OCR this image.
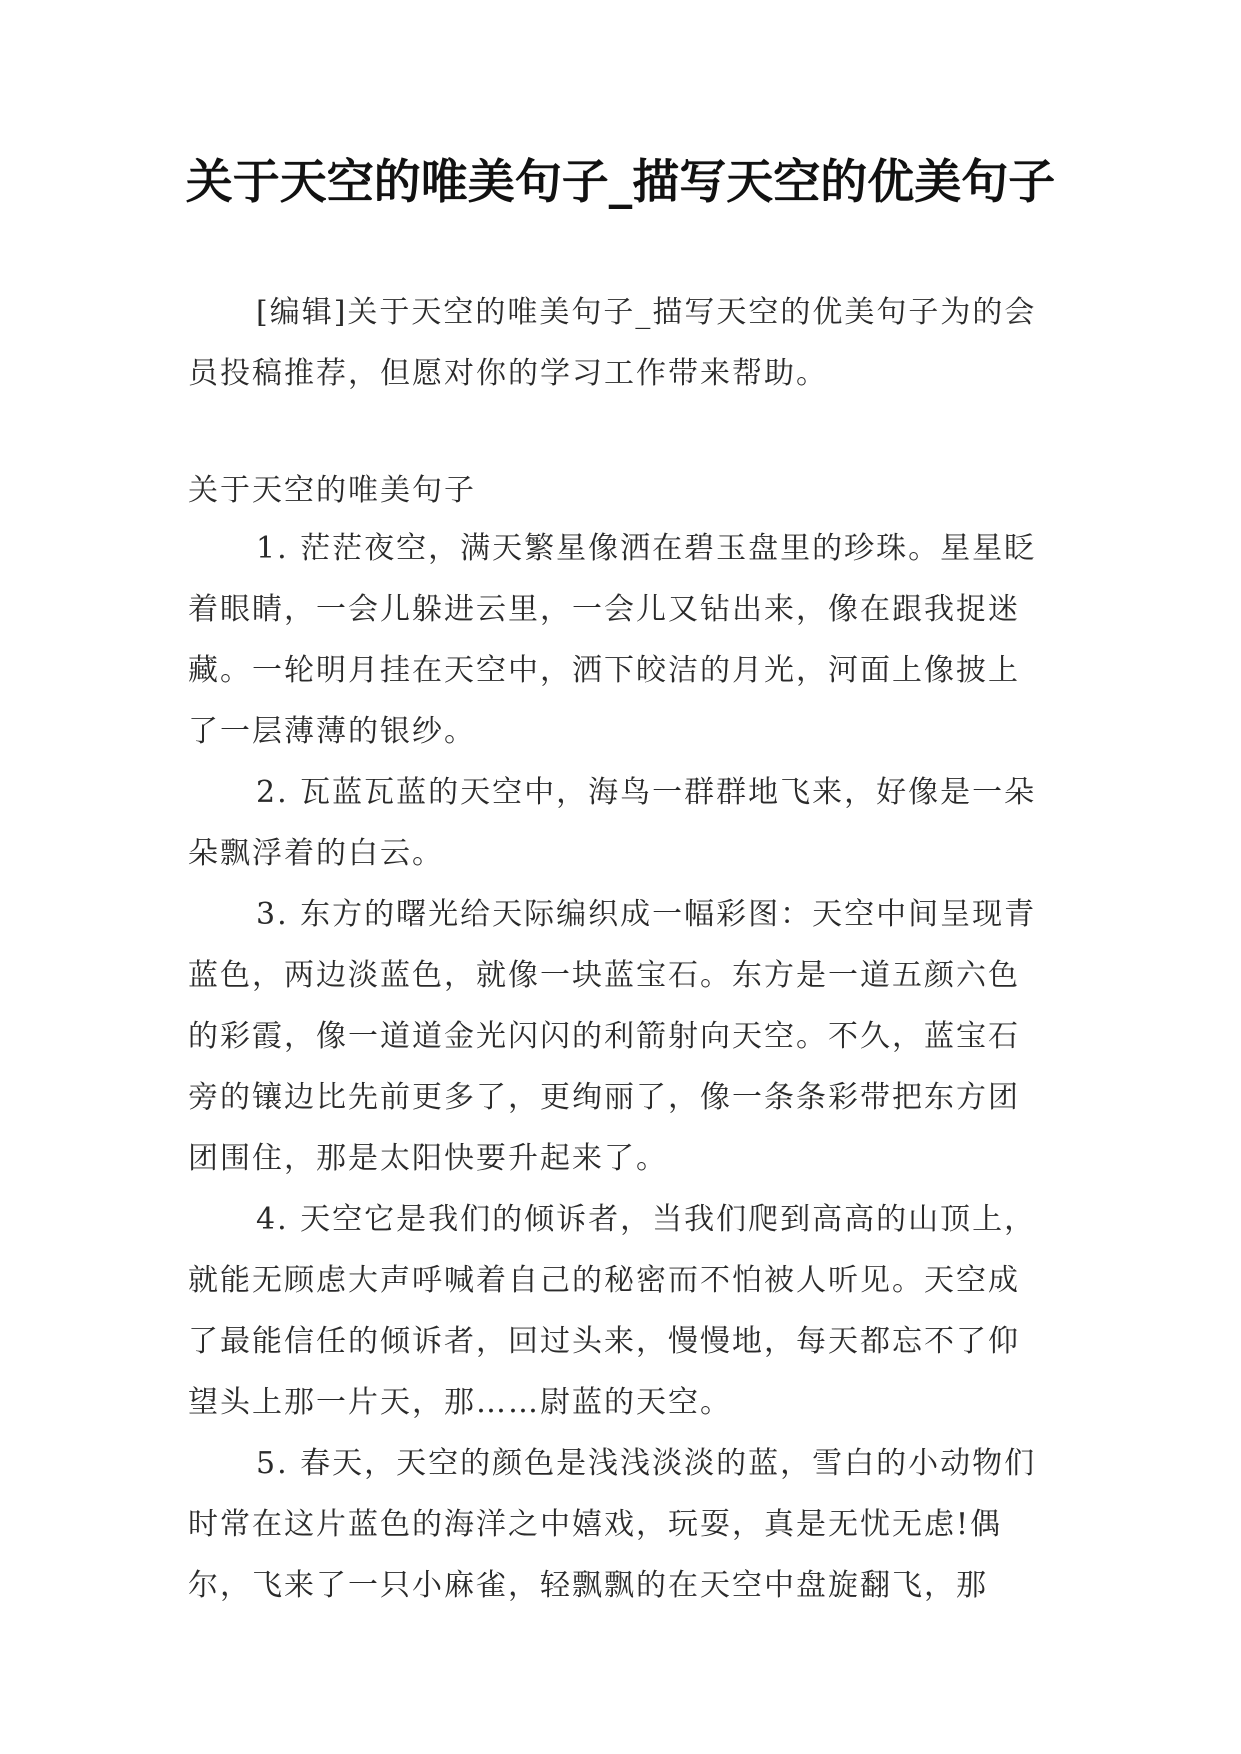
关于天空的唯美句子_描写天空的优美句子

[编辑]关于天空的唯美句子_描写天空的优美句子为的会员投稿推荐，但愿对你的学习工作带来帮助。

关于天空的唯美句子

1. 茫茫夜空，满天繁星像洒在碧玉盘里的珍珠。星星眨着眼睛，一会儿躲进云里，一会儿又钻出来，像在跟我捉迷藏。一轮明月挂在天空中，洒下皎洁的月光，河面上像披上了一层薄薄的银纱。

2. 瓦蓝瓦蓝的天空中，海鸟一群群地飞来，好像是一朵朵飘浮着的白云。

3. 东方的曙光给天际编织成一幅彩图：天空中间呈现青蓝色，两边淡蓝色，就像一块蓝宝石。东方是一道五颜六色的彩霞，像一道道金光闪闪的利箭射向天空。不久，蓝宝石旁的镶边比先前更多了，更绚丽了，像一条条彩带把东方团团围住，那是太阳快要升起来了。

4. 天空它是我们的倾诉者，当我们爬到高高的山顶上，就能无顾虑大声呼喊着自己的秘密而不怕被人听见。天空成了最能信任的倾诉者，回过头来，慢慢地，每天都忘不了仰望头上那一片天，那……尉蓝的天空。

5. 春天，天空的颜色是浅浅淡淡的蓝，雪白的小动物们时常在这片蓝色的海洋之中嬉戏，玩耍，真是无忧无虑!偶尔，飞来了一只小麻雀，轻飘飘的在天空中盘旋翻飞，那
